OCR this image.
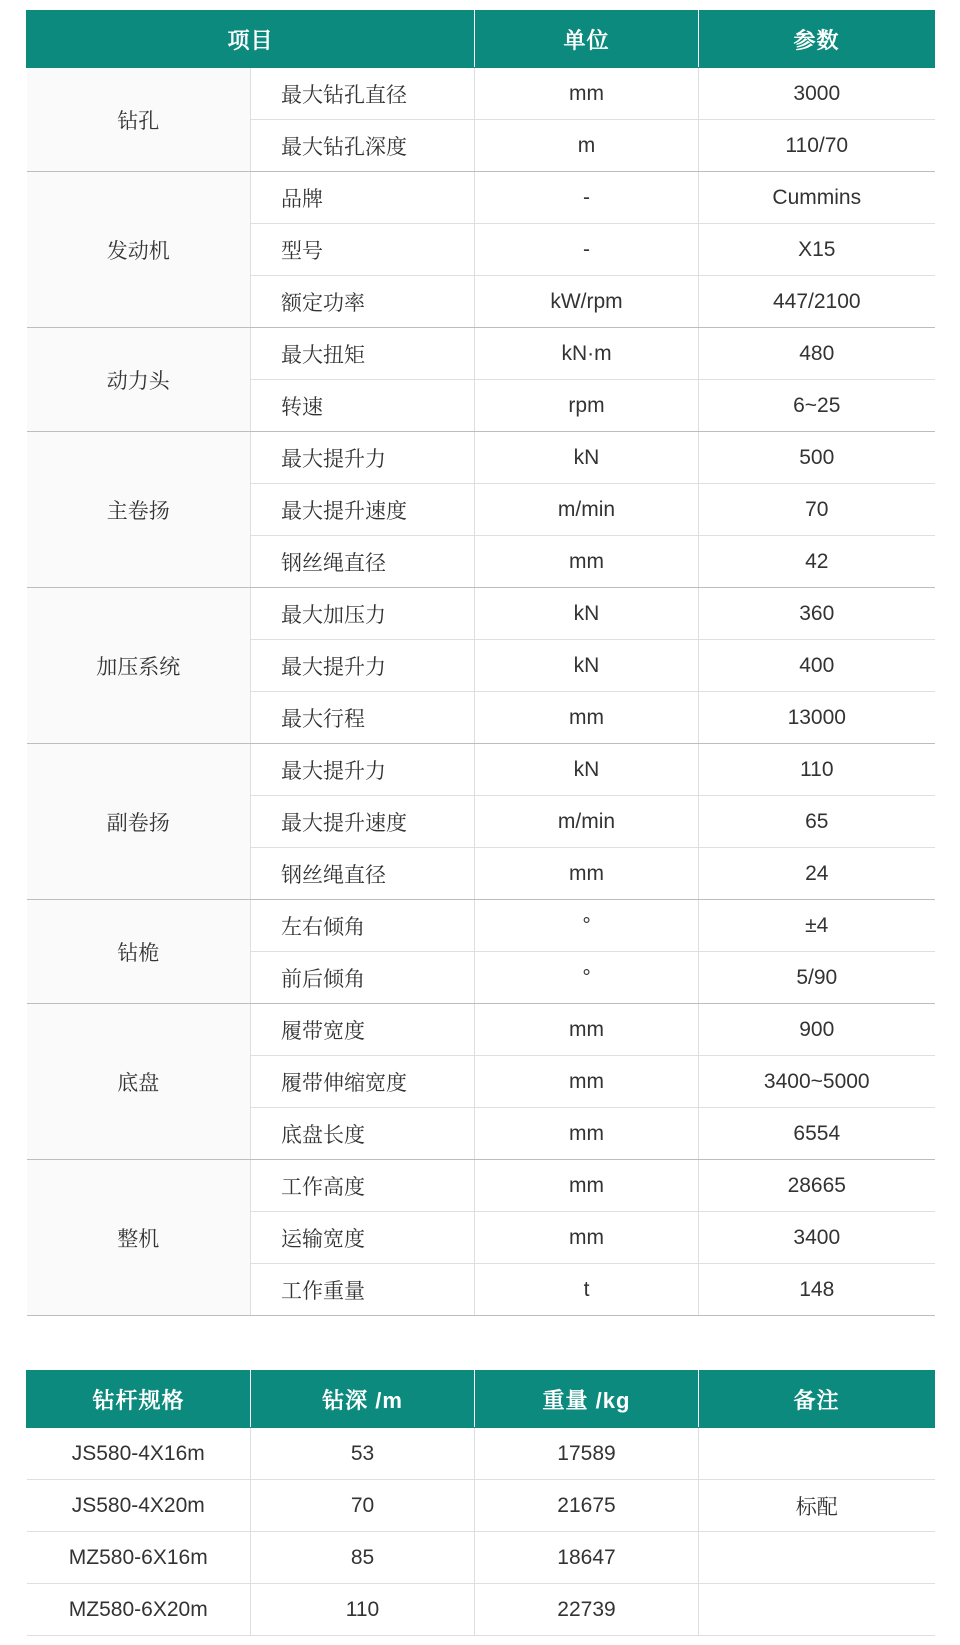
项目		单位	参数
钻孔	最大钻孔直径	mm	3000
	最大钻孔深度	m	110/70
发动机	品牌	-	Cummins
	型号	-	X15
	额定功率	kW/rpm	447/2100
动力头	最大扭矩	kN·m	480
	转速	rpm	6~25
主卷扬	最大提升力	kN	500
	最大提升速度	m/min	70
	钢丝绳直径	mm	42
加压系统	最大加压力	kN	360
	最大提升力	kN	400
	最大行程	mm	13000
副卷扬	最大提升力	kN	110
	最大提升速度	m/min	65
	钢丝绳直径	mm	24
钻桅	左右倾角	°	±4
	前后倾角	°	5/90
底盘	履带宽度	mm	900
	履带伸缩宽度	mm	3400~5000
	底盘长度	mm	6554
整机	工作高度	mm	28665
	运输宽度	mm	3400
	工作重量	t	148
钻杆规格	钻深 /m	重量 /kg	备注
JS580-4X16m	53	17589	
JS580-4X20m	70	21675	标配
MZ580-6X16m	85	18647	
MZ580-6X20m	110	22739	
